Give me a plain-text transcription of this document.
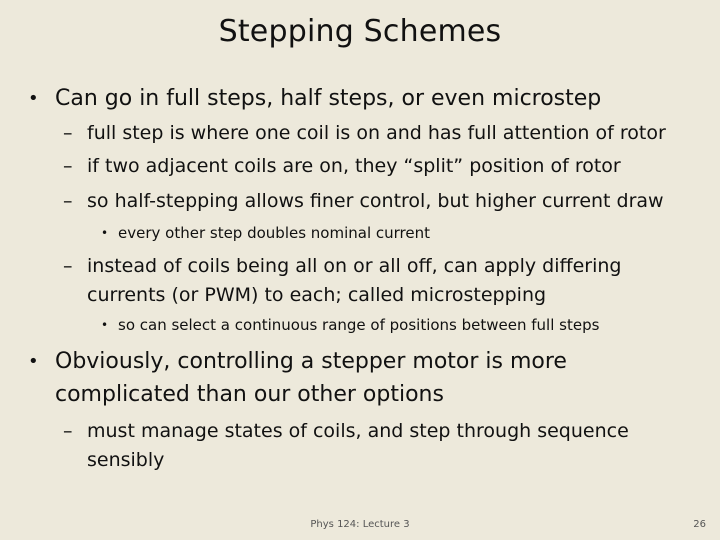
Stepping Schemes
• Can go in full steps, half steps, or even microstep
– full step is where one coil is on and has full attention of rotor
– if two adjacent coils are on, they “split” position of rotor
– so half-stepping allows finer control, but higher current draw
• every other step doubles nominal current
– instead of coils being all on or all off, can apply differing currents (or PWM) to each; called microstepping
• so can select a continuous range of positions between full steps
• Obviously, controlling a stepper motor is more complicated than our other options
– must manage states of coils, and step through sequence sensibly
Phys 124: Lecture 3	26
